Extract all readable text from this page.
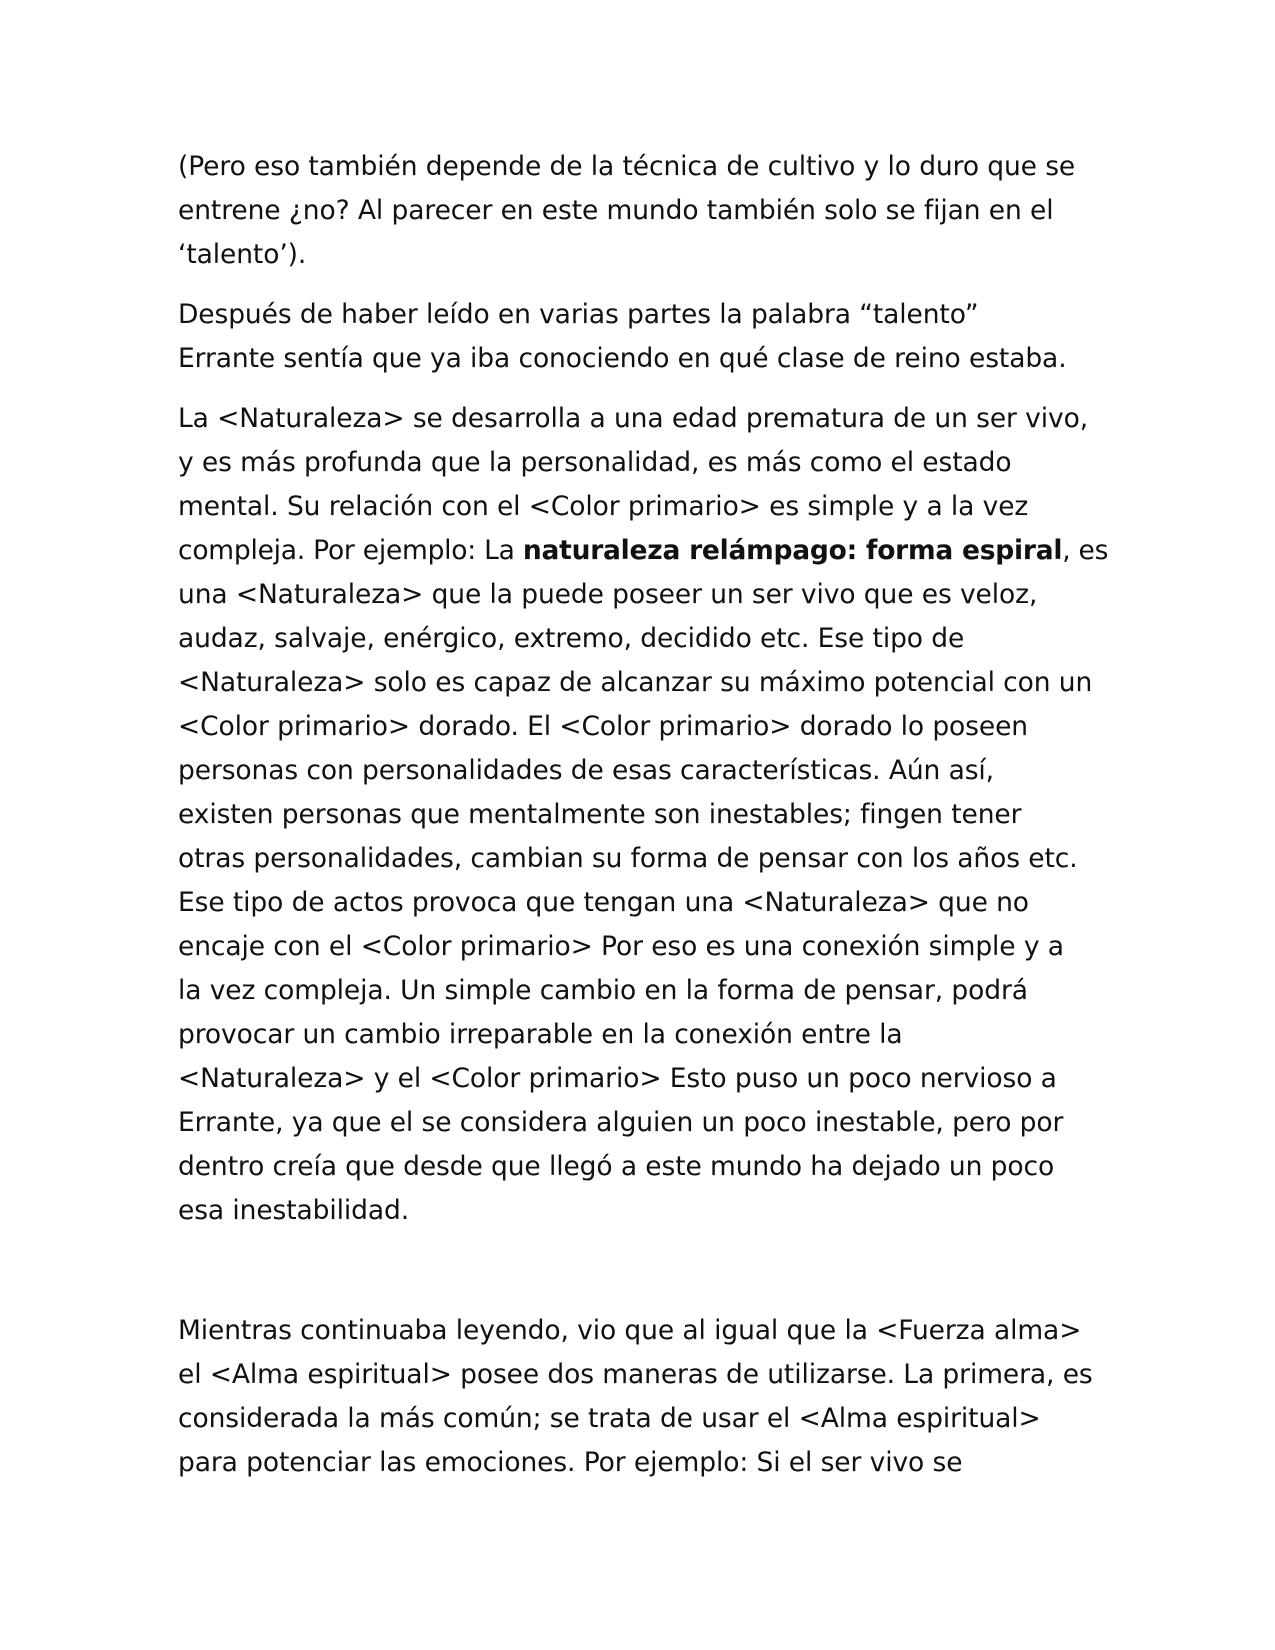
(Pero eso también depende de la técnica de cultivo y lo duro que se
entrene ¿no? Al parecer en este mundo también solo se fijan en el
‘talento’).

Después de haber leído en varias partes la palabra “talento”
Errante sentía que ya iba conociendo en qué clase de reino estaba.

La <Naturaleza> se desarrolla a una edad prematura de un ser vivo,
y es más profunda que la personalidad, es más como el estado
mental. Su relación con el <Color primario> es simple y a la vez
compleja. Por ejemplo: La naturaleza relámpago: forma espiral, es
una <Naturaleza> que la puede poseer un ser vivo que es veloz,
audaz, salvaje, enérgico, extremo, decidido etc. Ese tipo de
<Naturaleza> solo es capaz de alcanzar su máximo potencial con un
<Color primario> dorado. El <Color primario> dorado lo poseen
personas con personalidades de esas características. Aún así,
existen personas que mentalmente son inestables; fingen tener
otras personalidades, cambian su forma de pensar con los años etc.
Ese tipo de actos provoca que tengan una <Naturaleza> que no
encaje con el <Color primario> Por eso es una conexión simple y a
la vez compleja. Un simple cambio en la forma de pensar, podrá
provocar un cambio irreparable en la conexión entre la
<Naturaleza> y el <Color primario> Esto puso un poco nervioso a
Errante, ya que el se considera alguien un poco inestable, pero por
dentro creía que desde que llegó a este mundo ha dejado un poco
esa inestabilidad.

Mientras continuaba leyendo, vio que al igual que la <Fuerza alma>
el <Alma espiritual> posee dos maneras de utilizarse. La primera, es
considerada la más común; se trata de usar el <Alma espiritual>
para potenciar las emociones. Por ejemplo: Si el ser vivo se
